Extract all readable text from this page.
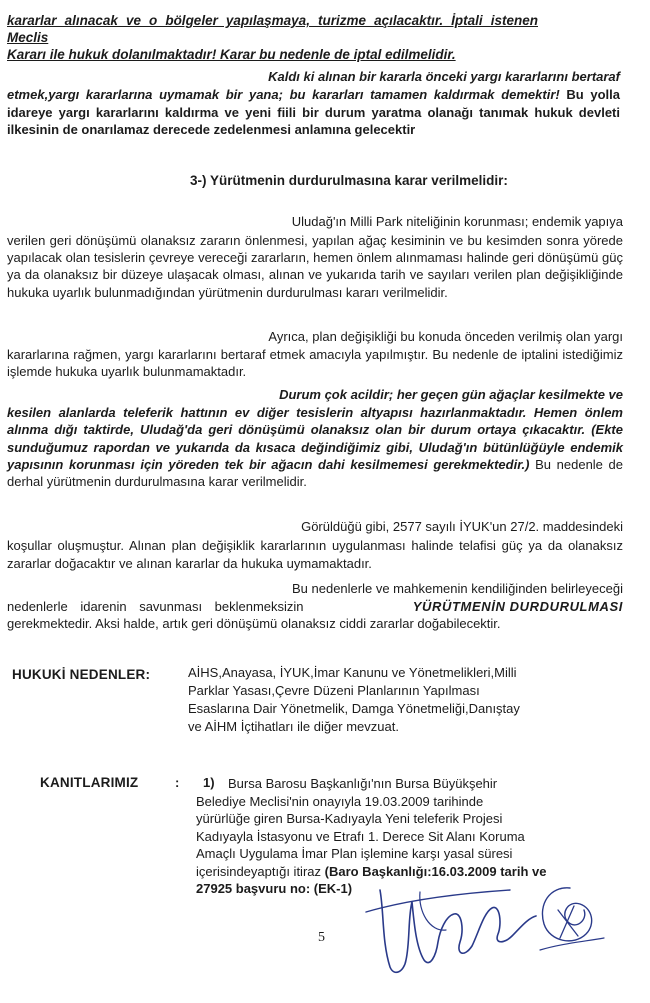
kararlar alınacak ve o bölgeler yapılaşmaya, turizme açılacaktır. İptali istenen Meclis
Kararı ile hukuk dolanılmaktadır! Karar bu nedenle de iptal edilmelidir.
Kaldı ki alınan bir kararla önceki yargı kararlarını bertaraf
etmek,yargı kararlarına uymamak bir yana; bu kararları tamamen kaldırmak demektir! Bu yolla idareye yargı kararlarını kaldırma ve yeni fiili bir durum yaratma olanağı tanımak hukuk devleti ilkesinin de onarılamaz derecede zedelenmesi anlamına gelecektir
3-) Yürütmenin durdurulmasına karar verilmelidir:
Uludağ'ın Milli Park niteliğinin korunması; endemik yapıya
verilen geri dönüşümü olanaksız zararın önlenmesi, yapılan ağaç kesiminin ve bu kesimden sonra yörede yapılacak olan tesislerin çevreye vereceği zararların, hemen önlem alınmaması halinde geri dönüşümü güç ya da olanaksız bir düzeye ulaşacak olması, alınan ve yukarıda tarih ve sayıları verilen plan değişikliğinde hukuka uyarlık bulunmadığından yürütmenin durdurulması kararı verilmelidir.
Ayrıca, plan değişikliği bu konuda önceden verilmiş olan yargı
kararlarına rağmen, yargı kararlarını bertaraf etmek amacıyla yapılmıştır. Bu nedenle de iptalini istediğimiz işlemde hukuka uyarlık bulunmamaktadır.
Durum çok acildir; her geçen gün ağaçlar kesilmekte ve
kesilen alanlarda teleferik hattının ev diğer tesislerin altyapısı hazırlanmaktadır. Hemen önlem alınma dığı taktirde, Uludağ'da geri dönüşümü olanaksız olan bir durum ortaya çıkacaktır. (Ekte sunduğumuz rapordan ve yukarıda da kısaca değindiğimiz gibi, Uludağ'ın bütünlüğüyle endemik yapısının korunması için yöreden tek bir ağacın dahi kesilmemesi gerekmektedir.) Bu nedenle de derhal yürütmenin durdurulmasına karar verilmelidir.
Görüldüğü gibi, 2577 sayılı İYUK'un 27/2. maddesindeki
koşullar oluşmuştur. Alınan plan değişiklik kararlarının uygulanması halinde telafisi güç ya da olanaksız zararlar doğacaktır ve alınan kararlar da hukuka uymamaktadır.
Bu nedenlerle ve mahkemenin kendiliğinden belirleyeceği
nedenlerle idarenin savunması beklenmeksizin	YÜRÜTMENİN DURDURULMASI
gerekmektedir. Aksi halde, artık geri dönüşümü olanaksız ciddi zararlar doğabilecektir.
HUKUKİ NEDENLER:	AİHS,Anayasa, İYUK,İmar Kanunu ve Yönetmelikleri,Milli
Parklar Yasası,Çevre Düzeni Planlarının Yapılması
Esaslarına Dair Yönetmelik, Damga Yönetmeliği,Danıştay
ve AİHM İçtihatları ile diğer mevzuat.
KANITLARIMIZ	: 1)	Bursa Barosu Başkanlığı'nın Bursa Büyükşehir
Belediye Meclisi'nin onayıyla 19.03.2009 tarihinde
yürürlüğe giren Bursa-Kadıyayla Yeni teleferik Projesi
Kadıyayla İstasyonu ve Etrafı 1. Derece Sit Alanı Koruma
Amaçlı Uygulama İmar Plan işlemine karşı yasal süresi
içerisindeyaptığı itiraz (Baro Başkanlığı:16.03.2009 tarih ve
27925 başvuru no: (EK-1)
5
